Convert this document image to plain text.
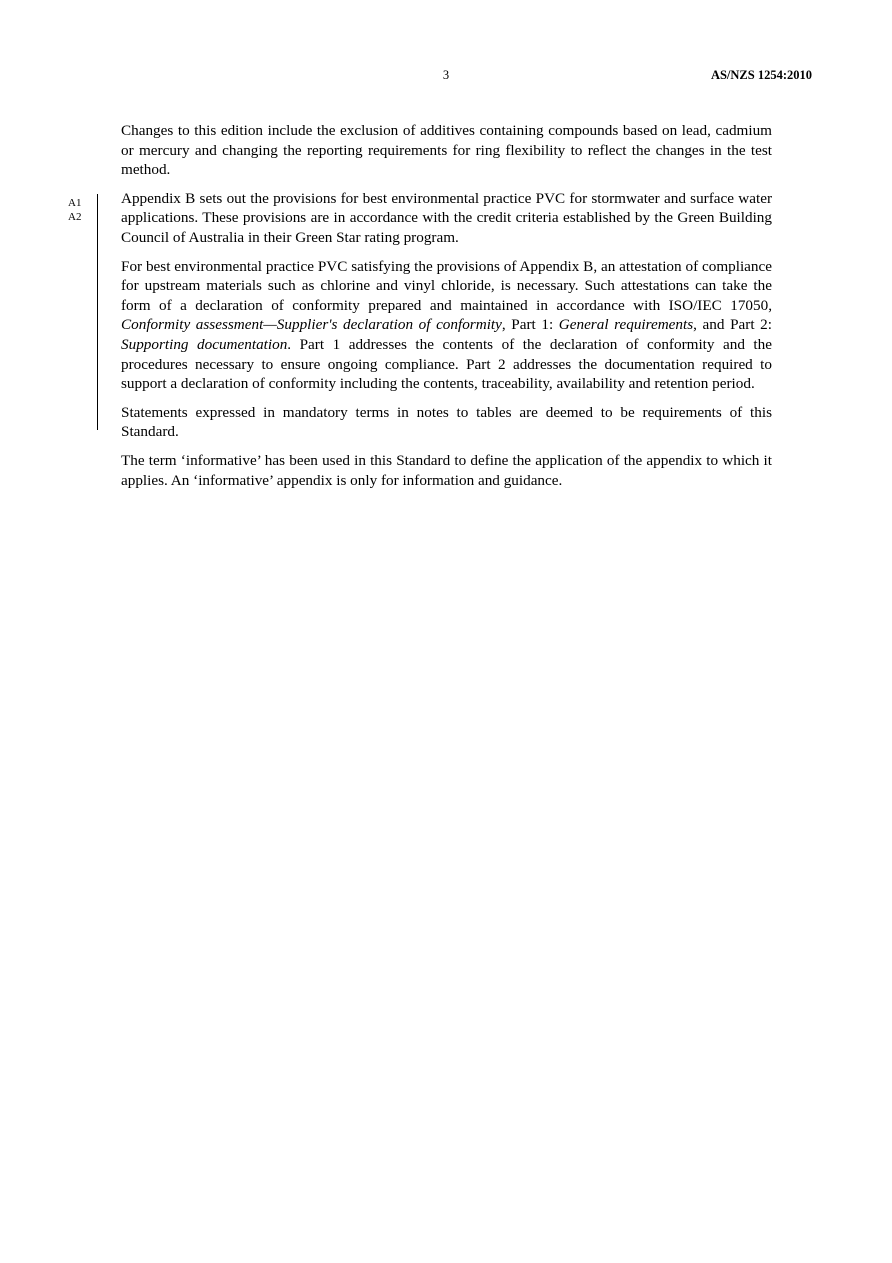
3	AS/NZS 1254:2010
A1
A2

Changes to this edition include the exclusion of additives containing compounds based on lead, cadmium or mercury and changing the reporting requirements for ring flexibility to reflect the changes in the test method.

Appendix B sets out the provisions for best environmental practice PVC for stormwater and surface water applications. These provisions are in accordance with the credit criteria established by the Green Building Council of Australia in their Green Star rating program.

For best environmental practice PVC satisfying the provisions of Appendix B, an attestation of compliance for upstream materials such as chlorine and vinyl chloride, is necessary. Such attestations can take the form of a declaration of conformity prepared and maintained in accordance with ISO/IEC 17050, Conformity assessment—Supplier's declaration of conformity, Part 1: General requirements, and Part 2: Supporting documentation. Part 1 addresses the contents of the declaration of conformity and the procedures necessary to ensure ongoing compliance. Part 2 addresses the documentation required to support a declaration of conformity including the contents, traceability, availability and retention period.

Statements expressed in mandatory terms in notes to tables are deemed to be requirements of this Standard.

The term ‘informative’ has been used in this Standard to define the application of the appendix to which it applies. An ‘informative’ appendix is only for information and guidance.
